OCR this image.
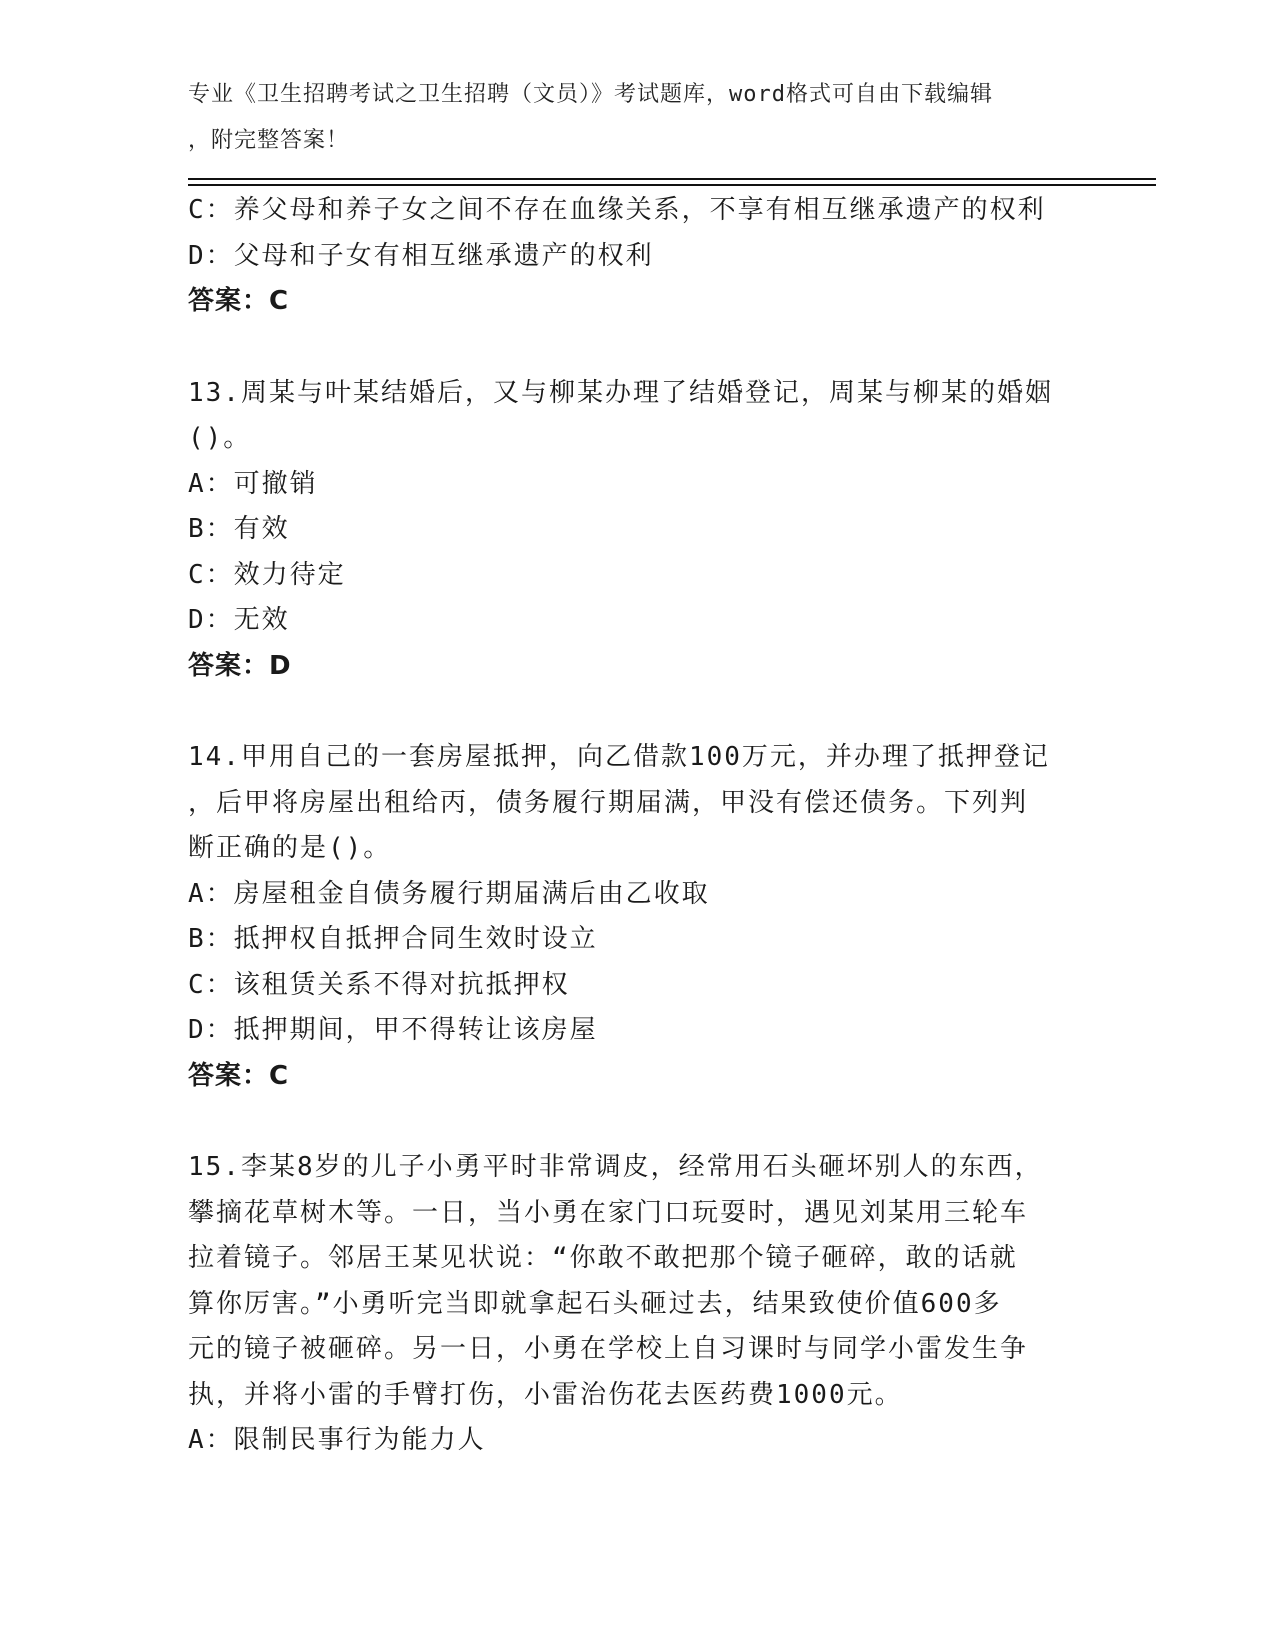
专业《卫生招聘考试之卫生招聘（文员）》考试题库，word格式可自由下载编辑
，附完整答案！
C：养父母和养子女之间不存在血缘关系，不享有相互继承遗产的权利
D：父母和子女有相互继承遗产的权利
答案：C
13.周某与叶某结婚后，又与柳某办理了结婚登记，周某与柳某的婚姻
()。
A：可撤销
B：有效
C：效力待定
D：无效
答案：D
14.甲用自己的一套房屋抵押，向乙借款100万元，并办理了抵押登记
，后甲将房屋出租给丙，债务履行期届满，甲没有偿还债务。下列判
断正确的是()。
A：房屋租金自债务履行期届满后由乙收取
B：抵押权自抵押合同生效时设立
C：该租赁关系不得对抗抵押权
D：抵押期间，甲不得转让该房屋
答案：C
15.李某8岁的儿子小勇平时非常调皮，经常用石头砸坏别人的东西，
攀摘花草树木等。一日，当小勇在家门口玩耍时，遇见刘某用三轮车
拉着镜子。邻居王某见状说：“你敢不敢把那个镜子砸碎，敢的话就
算你厉害。”小勇听完当即就拿起石头砸过去，结果致使价值600多
元的镜子被砸碎。另一日，小勇在学校上自习课时与同学小雷发生争
执，并将小雷的手臂打伤，小雷治伤花去医药费1000元。
A：限制民事行为能力人
